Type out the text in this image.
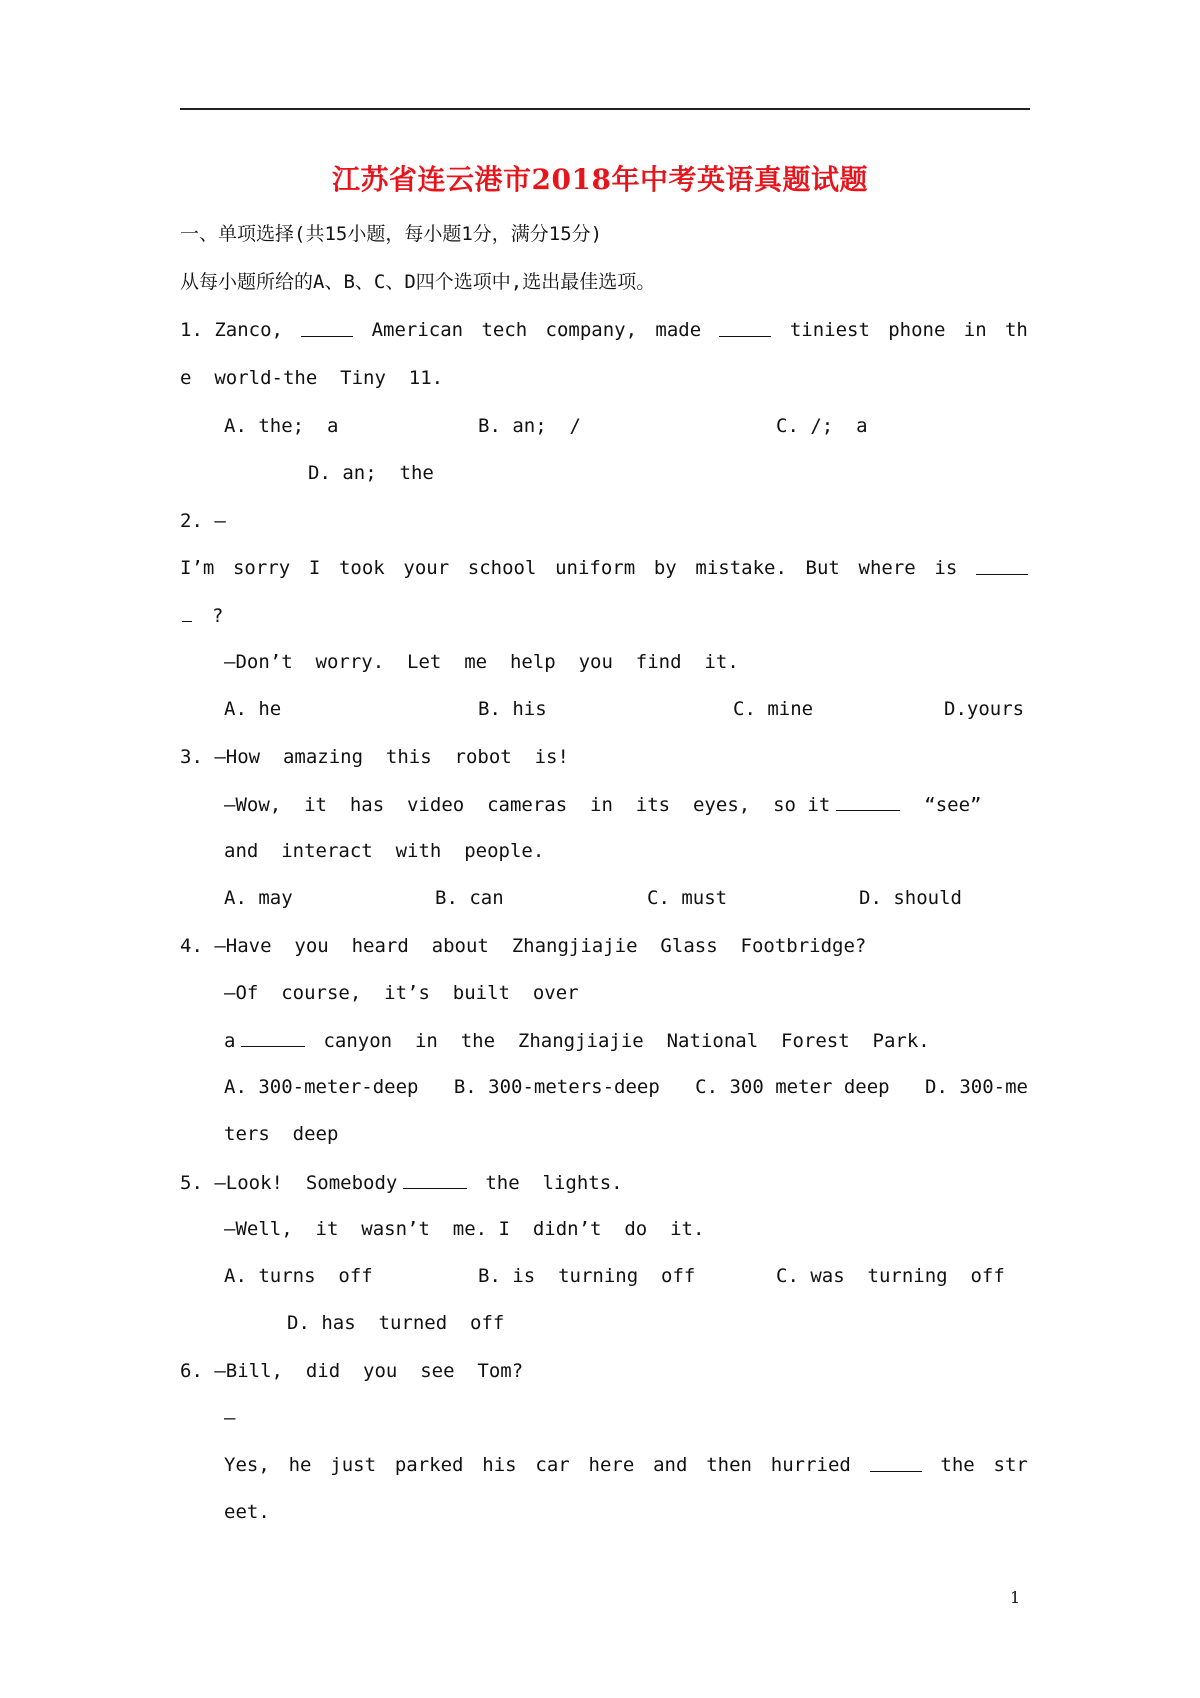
江苏省连云港市2018年中考英语真题试题
一、单项选择(共15小题，每小题1分，满分15分)
从每小题所给的A、B、C、D四个选项中,选出最佳选项。
1. Zanco,	American tech company, made	tiniest phone in th
e  world-the  Tiny  11.
A. the;  a	B. an;  /	C. /;  a
D. an;  the
2. —
I’m sorry I took your school uniform by mistake. But where is
?
—Don’t  worry.  Let  me  help  you  find  it.
A. he	B. his	C. mine	D.yours
3. —How  amazing  this  robot  is!
—Wow,  it  has  video  cameras  in  its  eyes,  so it	“see”
and  interact  with  people.
A. may	B. can	C. must	D. should
4. —Have  you  heard  about  Zhangjiajie  Glass  Footbridge?
—Of  course,  it’s  built  over
a	canyon  in  the  Zhangjiajie  National  Forest  Park.
A. 300-meter-deep B. 300-meters-deep C. 300 meter deep D. 300-me
ters  deep
5. —Look!  Somebody	the  lights.
—Well,  it  wasn’t  me. I  didn’t  do  it.
A. turns  off	B. is  turning  off	C. was  turning  off
D. has  turned  off
6. —Bill,  did  you  see  Tom?
—
Yes, he just parked his car here and then hurried	the str
eet.
1
